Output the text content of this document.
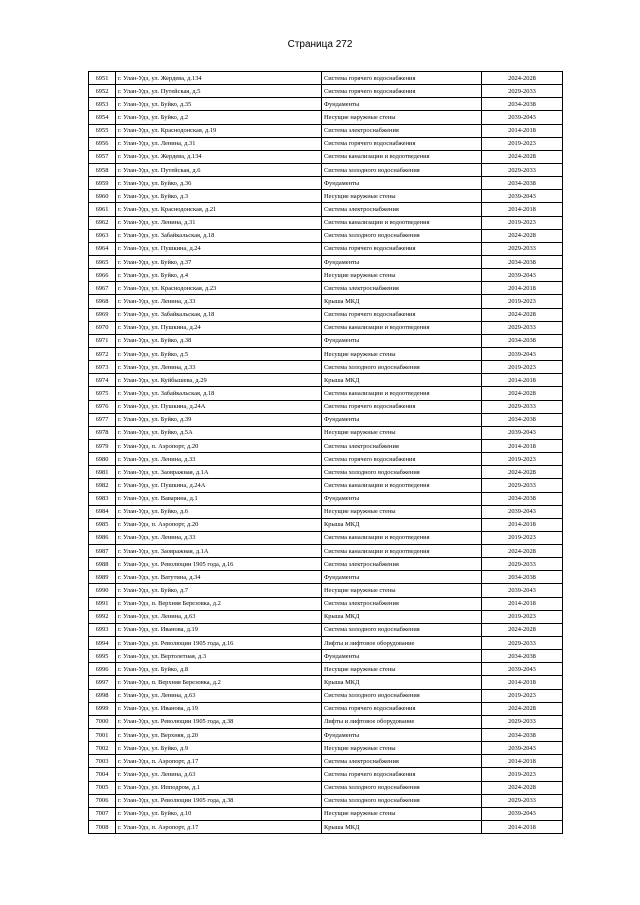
Страница 272
6951	г. Улан-Удэ, ул. Жердева, д.134	Система горячего водоснабжения	2024-2028
6952	г. Улан-Удэ, ул. Путейская, д.5	Система горячего водоснабжения	2029-2033
6953	г. Улан-Удэ, ул. Буйко, д.35	Фундаменты	2034-2038
6954	г. Улан-Удэ, ул. Буйко, д.2	Несущие наружные стены	2039-2043
6955	г. Улан-Удэ, ул. Краснодонская, д.19	Система электроснабжения	2014-2018
6956	г. Улан-Удэ, ул. Ленина, д.31	Система горячего водоснабжения	2019-2023
6957	г. Улан-Удэ, ул. Жердева, д.134	Система канализации и водоотведения	2024-2028
6958	г. Улан-Удэ, ул. Путейская, д.6	Система холодного водоснабжения	2029-2033
6959	г. Улан-Удэ, ул. Буйко, д.36	Фундаменты	2034-2038
6960	г. Улан-Удэ, ул. Буйко, д.3	Несущие наружные стены	2039-2043
6961	г. Улан-Удэ, ул. Краснодонская, д.21	Система электроснабжения	2014-2018
6962	г. Улан-Удэ, ул. Ленина, д.31	Система канализации и водоотведения	2019-2023
6963	г. Улан-Удэ, ул. Забайкальская, д.18	Система холодного водоснабжения	2024-2028
6964	г. Улан-Удэ, ул. Пушкина, д.24	Система горячего водоснабжения	2029-2033
6965	г. Улан-Удэ, ул. Буйко, д.37	Фундаменты	2034-2038
6966	г. Улан-Удэ, ул. Буйко, д.4	Несущие наружные стены	2039-2043
6967	г. Улан-Удэ, ул. Краснодонская, д.23	Система электроснабжения	2014-2018
6968	г. Улан-Удэ, ул. Ленина, д.33	Крыша МКД	2019-2023
6969	г. Улан-Удэ, ул. Забайкальская, д.18	Система горячего водоснабжения	2024-2028
6970	г. Улан-Удэ, ул. Пушкина, д.24	Система канализации и водоотведения	2029-2033
6971	г. Улан-Удэ, ул. Буйко, д.38	Фундаменты	2034-2038
6972	г. Улан-Удэ, ул. Буйко, д.5	Несущие наружные стены	2039-2043
6973	г. Улан-Удэ, ул. Ленина, д.33	Система холодного водоснабжения	2019-2023
6974	г. Улан-Удэ, ул. Куйбышева, д.29	Крыша МКД	2014-2018
6975	г. Улан-Удэ, ул. Забайкальская, д.18	Система канализации и водоотведения	2024-2028
6976	г. Улан-Удэ, ул. Пушкина, д.24А	Система горячего водоснабжения	2029-2033
6977	г. Улан-Удэ, ул. Буйко, д.39	Фундаменты	2034-2038
6978	г. Улан-Удэ, ул. Буйко, д.5А	Несущие наружные стены	2039-2043
6979	г. Улан-Удэ, п. Аэропорт, д.20	Система электроснабжения	2014-2018
6980	г. Улан-Удэ, ул. Ленина, д.33	Система горячего водоснабжения	2019-2023
6981	г. Улан-Удэ, ул. Заовражная, д.1А	Система холодного водоснабжения	2024-2028
6982	г. Улан-Удэ, ул. Пушкина, д.24А	Система канализации и водоотведения	2029-2033
6983	г. Улан-Удэ, ул. Ваварина, д.1	Фундаменты	2034-2038
6984	г. Улан-Удэ, ул. Буйко, д.6	Несущие наружные стены	2039-2043
6985	г. Улан-Удэ, п. Аэропорт, д.20	Крыша МКД	2014-2018
6986	г. Улан-Удэ, ул. Ленина, д.33	Система канализации и водоотведения	2019-2023
6987	г. Улан-Удэ, ул. Заовражная, д.1А	Система канализации и водоотведения	2024-2028
6988	г. Улан-Удэ, ул. Революции 1905 года, д.16	Система электроснабжения	2029-2033
6989	г. Улан-Удэ, ул. Ватутина, д.34	Фундаменты	2034-2038
6990	г. Улан-Удэ, ул. Буйко, д.7	Несущие наружные стены	2039-2043
6991	г. Улан-Удэ, п. Верхняя Березовка, д.2	Система электроснабжения	2014-2018
6992	г. Улан-Удэ, ул. Ленина, д.63	Крыша МКД	2019-2023
6993	г. Улан-Удэ, ул. Иванова, д.19	Система холодного водоснабжения	2024-2028
6994	г. Улан-Удэ, ул. Революции 1905 года, д.16	Лифты и лифтовое оборудование	2029-2033
6995	г. Улан-Удэ, ул. Вертолетная, д.3	Фундаменты	2034-2038
6996	г. Улан-Удэ, ул. Буйко, д.8	Несущие наружные стены	2039-2043
6997	г. Улан-Удэ, п. Верхняя Березовка, д.2	Крыша МКД	2014-2018
6998	г. Улан-Удэ, ул. Ленина, д.63	Система холодного водоснабжения	2019-2023
6999	г. Улан-Удэ, ул. Иванова, д.19	Система горячего водоснабжения	2024-2028
7000	г. Улан-Удэ, ул. Революции 1905 года, д.38	Лифты и лифтовое оборудование	2029-2033
7001	г. Улан-Удэ, ул. Верхняя, д.20	Фундаменты	2034-2038
7002	г. Улан-Удэ, ул. Буйко, д.9	Несущие наружные стены	2039-2043
7003	г. Улан-Удэ, п. Аэропорт, д.17	Система электроснабжения	2014-2018
7004	г. Улан-Удэ, ул. Ленина, д.63	Система горячего водоснабжения	2019-2023
7005	г. Улан-Удэ, ул. Ипподром, д.1	Система холодного водоснабжения	2024-2028
7006	г. Улан-Удэ, ул. Революции 1905 года, д.38	Система холодного водоснабжения	2029-2033
7007	г. Улан-Удэ, ул. Буйко, д.10	Несущие наружные стены	2039-2043
7008	г. Улан-Удэ, п. Аэропорт, д.17	Крыша МКД	2014-2018
